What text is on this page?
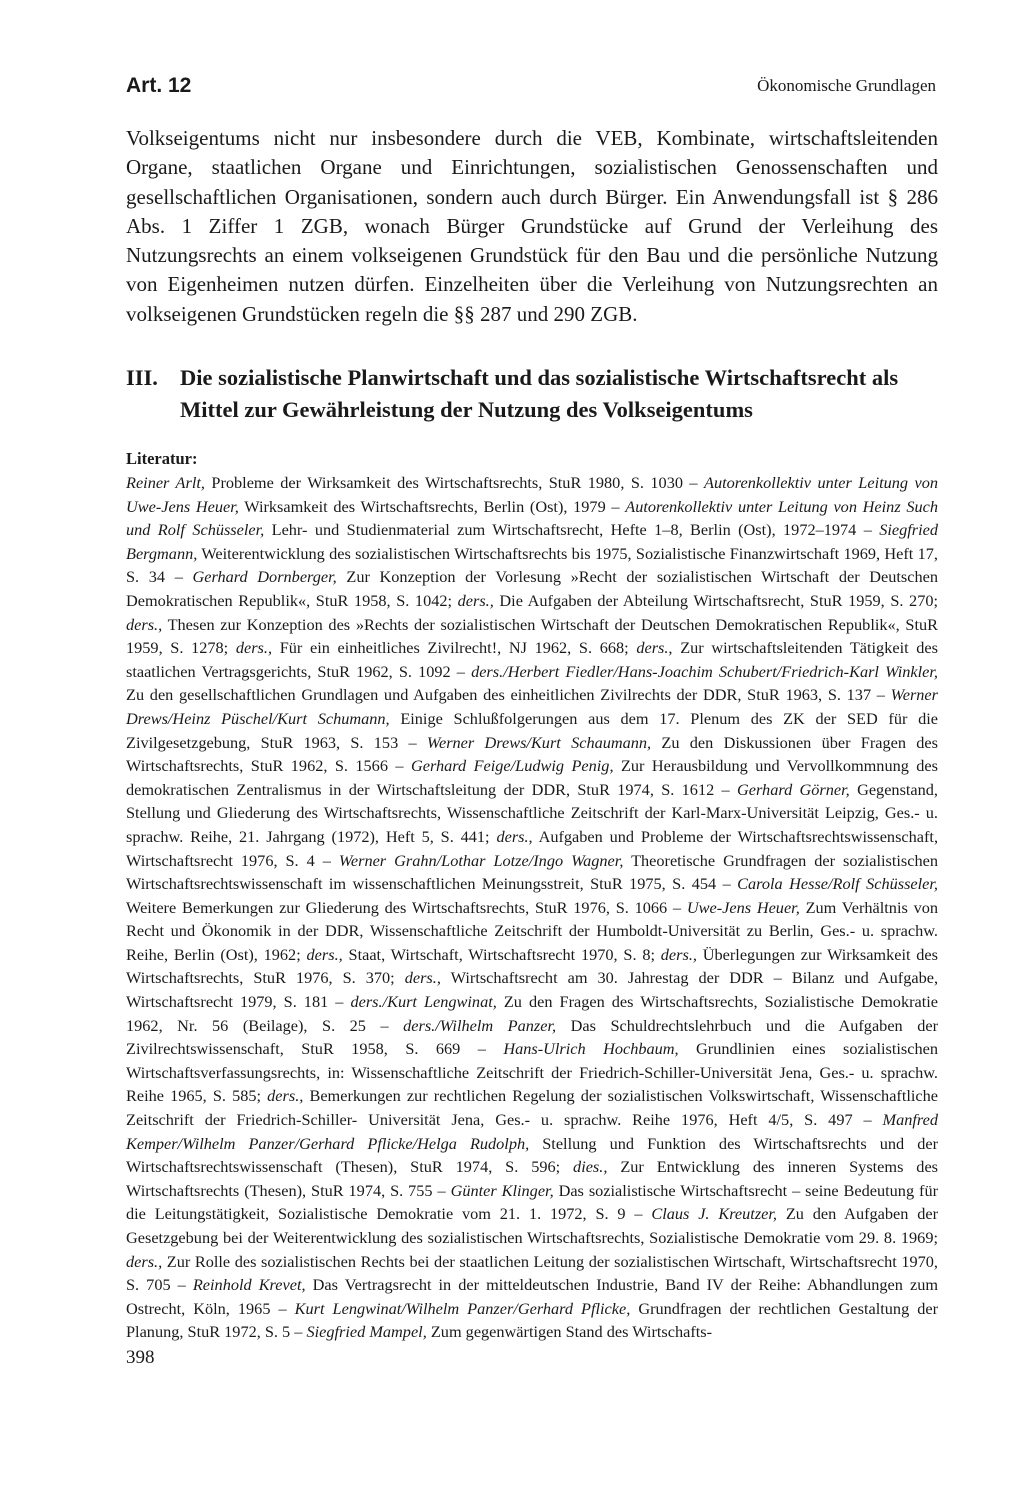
Art. 12	Ökonomische Grundlagen

Volkseigentums nicht nur insbesondere durch die VEB, Kombinate, wirtschaftsleitenden Organe, staatlichen Organe und Einrichtungen, sozialistischen Genossenschaften und gesellschaftlichen Organisationen, sondern auch durch Bürger. Ein Anwendungsfall ist § 286 Abs. 1 Ziffer 1 ZGB, wonach Bürger Grundstücke auf Grund der Verleihung des Nutzungsrechts an einem volkseigenen Grundstück für den Bau und die persönliche Nutzung von Eigenheimen nutzen dürfen. Einzelheiten über die Verleihung von Nutzungsrechten an volkseigenen Grundstücken regeln die §§ 287 und 290 ZGB.

III. Die sozialistische Planwirtschaft und das sozialistische Wirtschaftsrecht als Mittel zur Gewährleistung der Nutzung des Volkseigentums
Literatur:

Reiner Arlt, Probleme der Wirksamkeit des Wirtschaftsrechts, StuR 1980, S. 1030 – Autorenkollektiv unter Leitung von Uwe-Jens Heuer, Wirksamkeit des Wirtschaftsrechts, Berlin (Ost), 1979 – Autorenkollektiv unter Leitung von Heinz Such und Rolf Schüsseler, Lehr- und Studienmaterial zum Wirtschaftsrecht, Hefte 1–8, Berlin (Ost), 1972–1974 – Siegfried Bergmann, Weiterentwicklung des sozialistischen Wirtschaftsrechts bis 1975, Sozialistische Finanzwirtschaft 1969, Heft 17, S. 34 – Gerhard Dornberger, Zur Konzeption der Vorlesung »Recht der sozialistischen Wirtschaft der Deutschen Demokratischen Republik«, StuR 1958, S. 1042; ders., Die Aufgaben der Abteilung Wirtschaftsrecht, StuR 1959, S. 270; ders., Thesen zur Konzeption des »Rechts der sozialistischen Wirtschaft der Deutschen Demokratischen Republik«, StuR 1959, S. 1278; ders., Für ein einheitliches Zivilrecht!, NJ 1962, S. 668; ders., Zur wirtschaftsleitenden Tätigkeit des staatlichen Vertragsgerichts, StuR 1962, S. 1092 – ders./Herbert Fiedler/Hans-Joachim Schubert/Friedrich-Karl Winkler, Zu den gesellschaftlichen Grundlagen und Aufgaben des einheitlichen Zivilrechts der DDR, StuR 1963, S. 137 – Werner Drews/Heinz Püschel/Kurt Schumann, Einige Schlußfolgerungen aus dem 17. Plenum des ZK der SED für die Zivilgesetzgebung, StuR 1963, S. 153 – Werner Drews/Kurt Schaumann, Zu den Diskussionen über Fragen des Wirtschaftsrechts, StuR 1962, S. 1566 – Gerhard Feige/Ludwig Penig, Zur Herausbildung und Vervollkommnung des demokratischen Zentralismus in der Wirtschaftsleitung der DDR, StuR 1974, S. 1612 – Gerhard Görner, Gegenstand, Stellung und Gliederung des Wirtschaftsrechts, Wissenschaftliche Zeitschrift der Karl-Marx-Universität Leipzig, Ges.- u. sprachw. Reihe, 21. Jahrgang (1972), Heft 5, S. 441; ders., Aufgaben und Probleme der Wirtschaftsrechtswissenschaft, Wirtschaftsrecht 1976, S. 4 – Werner Grahn/Lothar Lotze/Ingo Wagner, Theoretische Grundfragen der sozialistischen Wirtschaftsrechtswissenschaft im wissenschaftlichen Meinungsstreit, StuR 1975, S. 454 – Carola Hesse/Rolf Schüsseler, Weitere Bemerkungen zur Gliederung des Wirtschaftsrechts, StuR 1976, S. 1066 – Uwe-Jens Heuer, Zum Verhältnis von Recht und Ökonomik in der DDR, Wissenschaftliche Zeitschrift der Humboldt-Universität zu Berlin, Ges.- u. sprachw. Reihe, Berlin (Ost), 1962; ders., Staat, Wirtschaft, Wirtschaftsrecht 1970, S. 8; ders., Überlegungen zur Wirksamkeit des Wirtschaftsrechts, StuR 1976, S. 370; ders., Wirtschaftsrecht am 30. Jahrestag der DDR – Bilanz und Aufgabe, Wirtschaftsrecht 1979, S. 181 – ders./Kurt Lengwinat, Zu den Fragen des Wirtschaftsrechts, Sozialistische Demokratie 1962, Nr. 56 (Beilage), S. 25 – ders./Wilhelm Panzer, Das Schuldrechtslehrbuch und die Aufgaben der Zivilrechtswissenschaft, StuR 1958, S. 669 – Hans-Ulrich Hochbaum, Grundlinien eines sozialistischen Wirtschaftsverfassungsrechts, in: Wissenschaftliche Zeitschrift der Friedrich-Schiller-Universität Jena, Ges.- u. sprachw. Reihe 1965, S. 585; ders., Bemerkungen zur rechtlichen Regelung der sozialistischen Volkswirtschaft, Wissenschaftliche Zeitschrift der Friedrich-Schiller- Universität Jena, Ges.- u. sprachw. Reihe 1976, Heft 4/5, S. 497 – Manfred Kemper/Wilhelm Panzer/Gerhard Pflicke/Helga Rudolph, Stellung und Funktion des Wirtschaftsrechts und der Wirtschaftsrechtswissenschaft (Thesen), StuR 1974, S. 596; dies., Zur Entwicklung des inneren Systems des Wirtschaftsrechts (Thesen), StuR 1974, S. 755 – Günter Klinger, Das sozialistische Wirtschaftsrecht – seine Bedeutung für die Leitungstätigkeit, Sozialistische Demokratie vom 21. 1. 1972, S. 9 – Claus J. Kreutzer, Zu den Aufgaben der Gesetzgebung bei der Weiterentwicklung des sozialistischen Wirtschaftsrechts, Sozialistische Demokratie vom 29. 8. 1969; ders., Zur Rolle des sozialistischen Rechts bei der staatlichen Leitung der sozialistischen Wirtschaft, Wirtschaftsrecht 1970, S. 705 – Reinhold Krevet, Das Vertragsrecht in der mitteldeutschen Industrie, Band IV der Reihe: Abhandlungen zum Ostrecht, Köln, 1965 – Kurt Lengwinat/Wilhelm Panzer/Gerhard Pflicke, Grundfragen der rechtlichen Gestaltung der Planung, StuR 1972, S. 5 – Siegfried Mampel, Zum gegenwärtigen Stand des Wirtschafts-

398
